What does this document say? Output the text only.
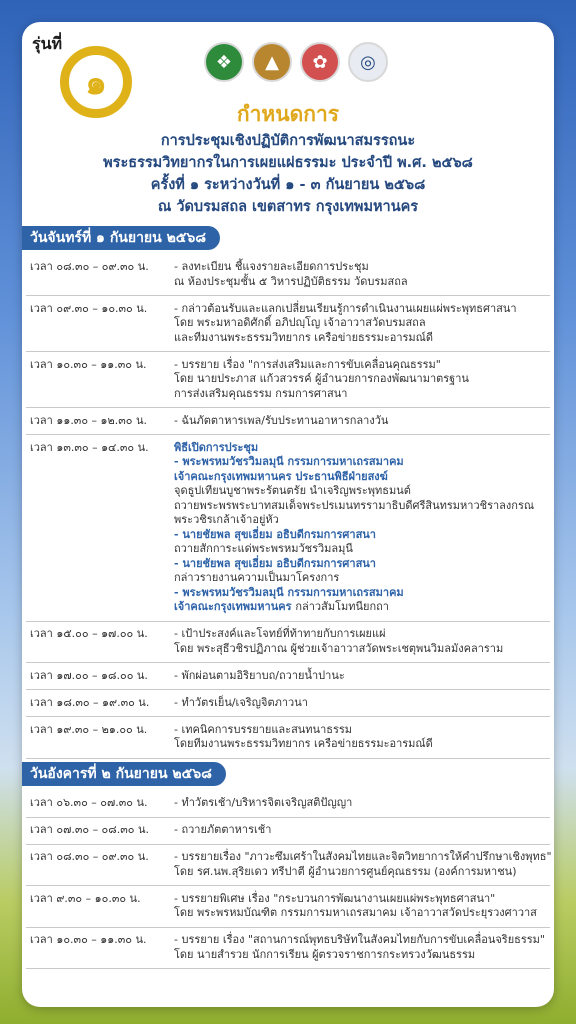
รุ่นที่
๑
❖	▲	✿	◎
กำหนดการ
การประชุมเชิงปฏิบัติการพัฒนาสมรรถนะ
พระธรรมวิทยากรในการเผยแผ่ธรรมะ ประจำปี พ.ศ. ๒๕๖๘
ครั้งที่ ๑ ระหว่างวันที่ ๑ - ๓ กันยายน ๒๕๖๘
ณ วัดบรมสถล เขตสาทร กรุงเทพมหานคร
วันจันทร์ที่ ๑ กันยายน ๒๕๖๘
เวลา ๐๘.๓๐ – ๐๙.๓๐ น. - ลงทะเบียน ชี้แจงรายละเอียดการประชุม
ณ ห้องประชุมชั้น ๕ วิหารปฏิบัติธรรม วัดบรมสถล
เวลา ๐๙.๓๐ – ๑๐.๓๐ น. - กล่าวต้อนรับและแลกเปลี่ยนเรียนรู้การดำเนินงานเผยแผ่พระพุทธศาสนา
โดย พระมหาอดิศักดิ์ อภิปญฺโญ เจ้าอาวาสวัดบรมสถล
และทีมงานพระธรรมวิทยากร เครือข่ายธรรมะอารมณ์ดี
เวลา ๑๐.๓๐ – ๑๑.๓๐ น.	- บรรยาย เรื่อง "การส่งเสริมและการขับเคลื่อนคุณธรรม"
โดย นายประภาส แก้วสวรรค์ ผู้อำนวยการกองพัฒนามาตรฐาน
การส่งเสริมคุณธรรม กรมการศาสนา
เวลา ๑๑.๓๐ – ๑๒.๓๐ น. - ฉันภัตตาหารเพล/รับประทานอาหารกลางวัน
เวลา ๑๓.๓๐ – ๑๔.๓๐ น. พิธีเปิดการประชุม
- พระพรหมวัชรวิมลมุนี กรรมการมหาเถรสมาคม
เจ้าคณะกรุงเทพมหานคร ประธานพิธีฝ่ายสงฆ์
จุดธูปเทียนบูชาพระรัตนตรัย นำเจริญพระพุทธมนต์
ถวายพระพรพระบาทสมเด็จพระปรเมนทรรามาธิบดีศรีสินทรมหาวชิราลงกรณ
พระวชิรเกล้าเจ้าอยู่หัว
- นายชัยพล สุขเอี่ยม อธิบดีกรมการศาสนา
ถวายสักการะแด่พระพรหมวัชรวิมลมุนี
- นายชัยพล สุขเอี่ยม อธิบดีกรมการศาสนา
กล่าวรายงานความเป็นมาโครงการ
- พระพรหมวัชรวิมลมุนี กรรมการมหาเถรสมาคม
เจ้าคณะกรุงเทพมหานคร กล่าวสัมโมทนียกถา
เวลา ๑๕.๐๐ – ๑๗.๐๐ น. - เป้าประสงค์และโจทย์ที่ท้าทายกับการเผยแผ่
โดย พระสุธีวชิรปฏิภาณ ผู้ช่วยเจ้าอาวาสวัดพระเชตุพนวิมลมังคลาราม
เวลา ๑๗.๐๐ – ๑๘.๐๐ น. - พักผ่อนตามอิริยาบถ/ถวายน้ำปานะ
เวลา ๑๘.๓๐ – ๑๙.๓๐ น. - ทำวัตรเย็น/เจริญจิตภาวนา
เวลา ๑๙.๓๐ – ๒๑.๐๐ น. - เทคนิคการบรรยายและสนทนาธรรม
โดยทีมงานพระธรรมวิทยากร เครือข่ายธรรมะอารมณ์ดี
วันอังคารที่ ๒ กันยายน ๒๕๖๘
เวลา ๐๖.๓๐ – ๐๗.๓๐ น. - ทำวัตรเช้า/บริหารจิตเจริญสติปัญญา
เวลา ๐๗.๓๐ – ๐๘.๓๐ น. - ถวายภัตตาหารเช้า
เวลา ๐๘.๓๐ – ๐๙.๓๐ น. - บรรยายเรื่อง "ภาวะซึมเศร้าในสังคมไทยและจิตวิทยาการให้คำปรึกษาเชิงพุทธ"
โดย รศ.นพ.สุริยเดว ทรีปาตี ผู้อำนวยการศูนย์คุณธรรม (องค์การมหาชน)
เวลา ๙.๓๐ – ๑๐.๓๐ น.	- บรรยายพิเศษ เรื่อง "กระบวนการพัฒนางานเผยแผ่พระพุทธศาสนา"
โดย พระพรหมบัณฑิต กรรมการมหาเถรสมาคม เจ้าอาวาสวัดประยุรวงศาวาส
เวลา ๑๐.๓๐ – ๑๑.๓๐ น.	- บรรยาย เรื่อง "สถานการณ์พุทธบริษัทในสังคมไทยกับการขับเคลื่อนจริยธรรม"
โดย นายสำรวย นักการเรียน ผู้ตรวจราชการกระทรวงวัฒนธรรม
